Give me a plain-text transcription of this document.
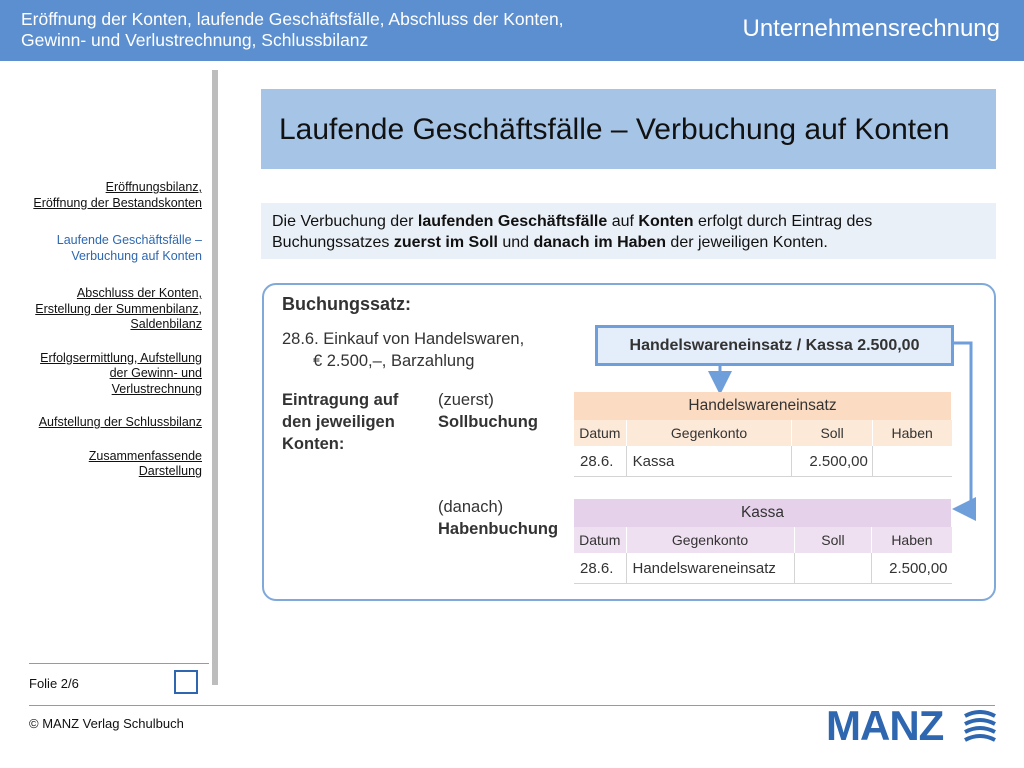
Eröffnung der Konten, laufende Geschäftsfälle, Abschluss der Konten,
Gewinn- und Verlustrechnung, Schlussbilanz	Unternehmensrechnung
Eröffnungsbilanz,
Eröffnung der Bestandskonten
Laufende Geschäftsfälle –
Verbuchung auf Konten
Abschluss der Konten,
Erstellung der Summenbilanz,
Saldenbilanz
Erfolgsermittlung, Aufstellung
der Gewinn- und
Verlustrechnung
Aufstellung der Schlussbilanz
Zusammenfassende
Darstellung
Laufende Geschäftsfälle – Verbuchung auf Konten
Die Verbuchung der laufenden Geschäftsfälle auf Konten erfolgt durch Eintrag des Buchungssatzes zuerst im Soll und danach im Haben der jeweiligen Konten.
Buchungssatz:
28.6. Einkauf von Handelswaren,
€ 2.500,–, Barzahlung
Eintragung auf
den jeweiligen
Konten:
(zuerst)
Sollbuchung
(danach)
Habenbuchung
Handelswareneinsatz / Kassa 2.500,00
Handelswareneinsatz			
Datum	Gegenkonto	Soll	Haben
28.6.	Kassa	2.500,00	
Kassa			
Datum	Gegenkonto	Soll	Haben
28.6.	Handelswareneinsatz		2.500,00
Folie 2/6
© MANZ Verlag Schulbuch	MANZ
